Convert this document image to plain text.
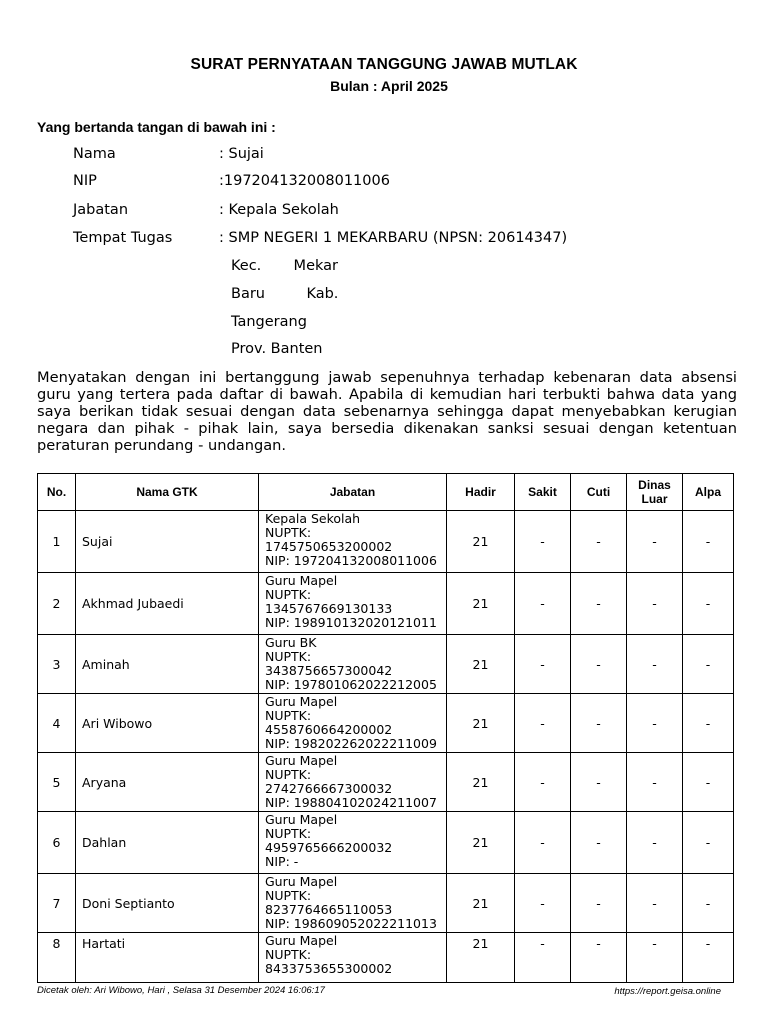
SURAT PERNYATAAN TANGGUNG JAWAB MUTLAK
Bulan : April 2025
Yang bertanda tangan di bawah ini :
Nama	: Sujai
NIP	:197204132008011006
Jabatan	: Kepala Sekolah
Tempat Tugas	: SMP NEGERI 1 MEKARBARU (NPSN: 20614347)
Kec.       Mekar
Baru         Kab.
Tangerang
Prov. Banten
Menyatakan dengan ini bertanggung jawab sepenuhnya terhadap kebenaran data absensi guru yang tertera pada daftar di bawah. Apabila di kemudian hari terbukti bahwa data yang saya berikan tidak sesuai dengan data sebenarnya sehingga dapat menyebabkan kerugian negara dan pihak - pihak lain, saya bersedia dikenakan sanksi sesuai dengan ketentuan peraturan perundang - undangan.
No.	Nama GTK	Jabatan	Hadir	Sakit	Cuti	Dinas Luar	Alpa
1	Sujai	Kepala Sekolah
NUPTK: 1745750653200002
NIP: 197204132008011006	21	-	-	-	-
2	Akhmad Jubaedi	Guru Mapel
NUPTK: 1345767669130133
NIP: 198910132020121011	21	-	-	-	-
3	Aminah	Guru BK
NUPTK: 3438756657300042
NIP: 197801062022212005	21	-	-	-	-
4	Ari Wibowo	Guru Mapel
NUPTK: 4558760664200002
NIP: 198202262022211009	21	-	-	-	-
5	Aryana	Guru Mapel
NUPTK: 2742766667300032
NIP: 198804102024211007	21	-	-	-	-
6	Dahlan	Guru Mapel
NUPTK: 4959765666200032
NIP: -	21	-	-	-	-
7	Doni Septianto	Guru Mapel
NUPTK: 8237764665110053
NIP: 198609052022211013	21	-	-	-	-
8	Hartati	Guru Mapel
NUPTK: 8433753655300002	21	-	-	-	-
Dicetak oleh: Ari Wibowo, Hari , Selasa 31 Desember 2024 16:06:17	https://report.geisa.online
